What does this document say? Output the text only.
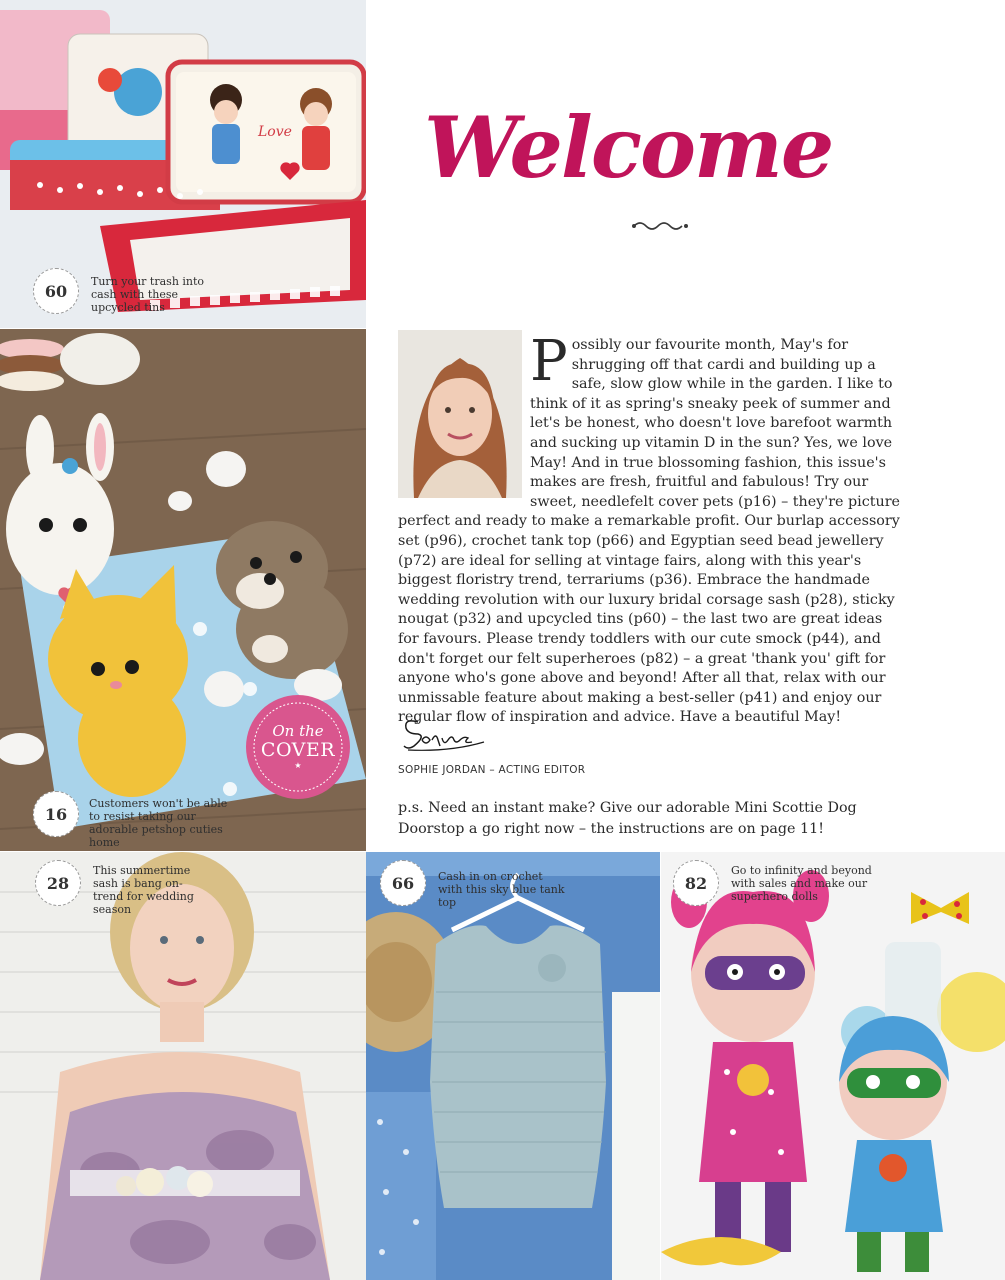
Love
60 Turn your trash into cash with these upcycled tins
On the
COVER
★
16
Customers won't be able to resist taking our adorable petshop cuties home
28
This summertime sash is bang on-trend for wedding season
66 Cash in on crochet with this sky blue tank top
82
Go to infinity and beyond with sales and make our superhero dolls
Welcome
P ossibly our favourite month, May's for shrugging off that cardi and building up a safe, slow glow while in the garden. I like to think of it as spring's sneaky peek of summer and let's be honest, who doesn't love barefoot warmth and sucking up vitamin D in the sun? Yes, we love May! And in true blossoming fashion, this issue's makes are fresh, fruitful and fabulous! Try our sweet, needlefelt cover pets (p16) – they're picture perfect and ready to make a remarkable profit. Our burlap accessory set (p96), crochet tank top (p66) and Egyptian seed bead jewellery (p72) are ideal for selling at vintage fairs, along with this year's biggest floristry trend, terrariums (p36). Embrace the handmade wedding revolution with our luxury bridal corsage sash (p28), sticky nougat (p32) and upcycled tins (p60) – the last two are great ideas for favours. Please trendy toddlers with our cute smock (p44), and don't forget our felt superheroes (p82) – a great 'thank you' gift for anyone who's gone above and beyond! After all that, relax with our unmissable feature about making a best-seller (p41) and enjoy our regular flow of inspiration and advice. Have a beautiful May!
SOPHIE JORDAN – ACTING EDITOR
p.s. Need an instant make? Give our adorable Mini Scottie Dog Doorstop a go right now – the instructions are on page 11!
